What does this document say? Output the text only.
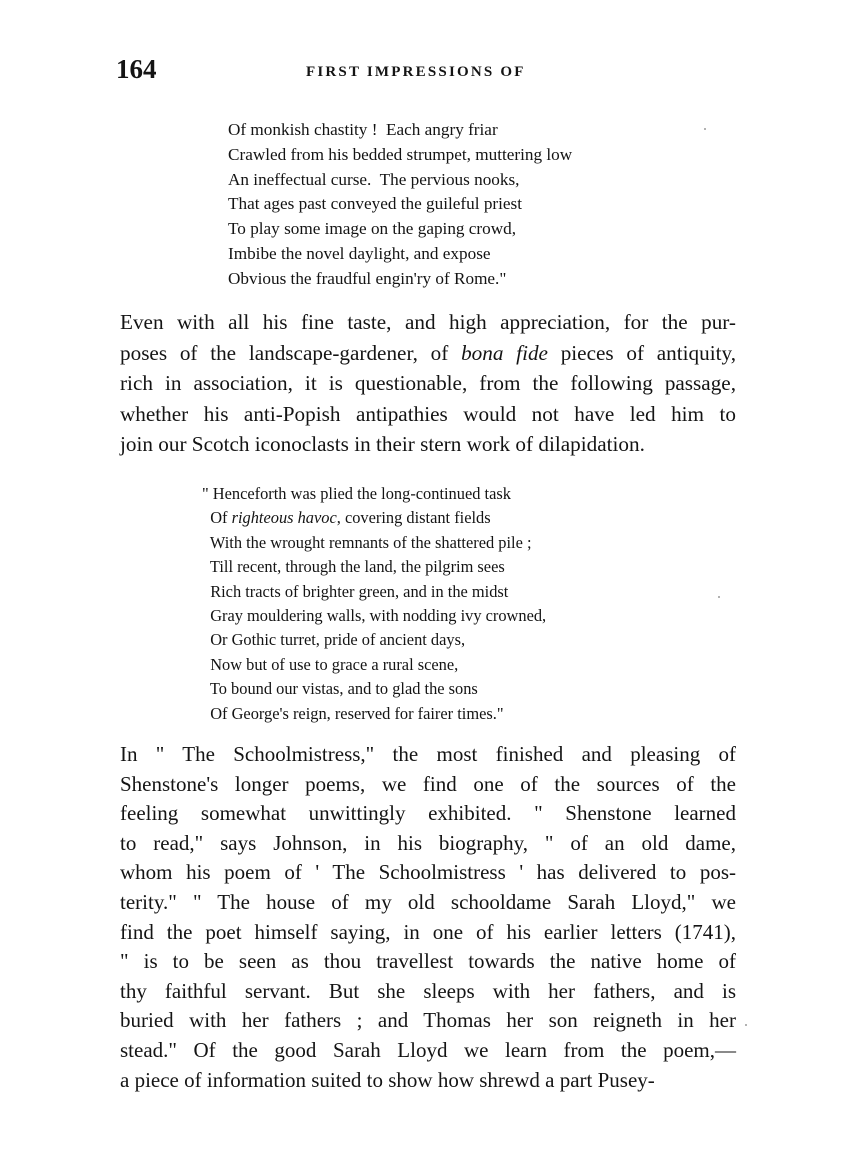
164	FIRST IMPRESSIONS OF
Of monkish chastity !  Each angry friar
Crawled from his bedded strumpet, muttering low
An ineffectual curse.  The pervious nooks,
That ages past conveyed the guileful priest
To play some image on the gaping crowd,
Imbibe the novel daylight, and expose
Obvious the fraudful engin'ry of Rome."
Even with all his fine taste, and high appreciation, for the pur-
poses of the landscape-gardener, of bona fide pieces of antiquity,
rich in association, it is questionable, from the following passage,
whether his anti-Popish antipathies would not have led him to
join our Scotch iconoclasts in their stern work of dilapidation.
" Henceforth was plied the long-continued task
Of righteous havoc, covering distant fields
With the wrought remnants of the shattered pile ;
Till recent, through the land, the pilgrim sees
Rich tracts of brighter green, and in the midst
Gray mouldering walls, with nodding ivy crowned,
Or Gothic turret, pride of ancient days,
Now but of use to grace a rural scene,
To bound our vistas, and to glad the sons
Of George's reign, reserved for fairer times."
In " The Schoolmistress," the most finished and pleasing of
Shenstone's longer poems, we find one of the sources of the
feeling somewhat unwittingly exhibited. " Shenstone learned
to read," says Johnson, in his biography, " of an old dame,
whom his poem of ' The Schoolmistress ' has delivered to pos-
terity." " The house of my old schooldame Sarah Lloyd," we
find the poet himself saying, in one of his earlier letters (1741),
" is to be seen as thou travellest towards the native home of
thy faithful servant. But she sleeps with her fathers, and is
buried with her fathers ; and Thomas her son reigneth in her
stead." Of the good Sarah Lloyd we learn from the poem,—
a piece of information suited to show how shrewd a part Pusey-
